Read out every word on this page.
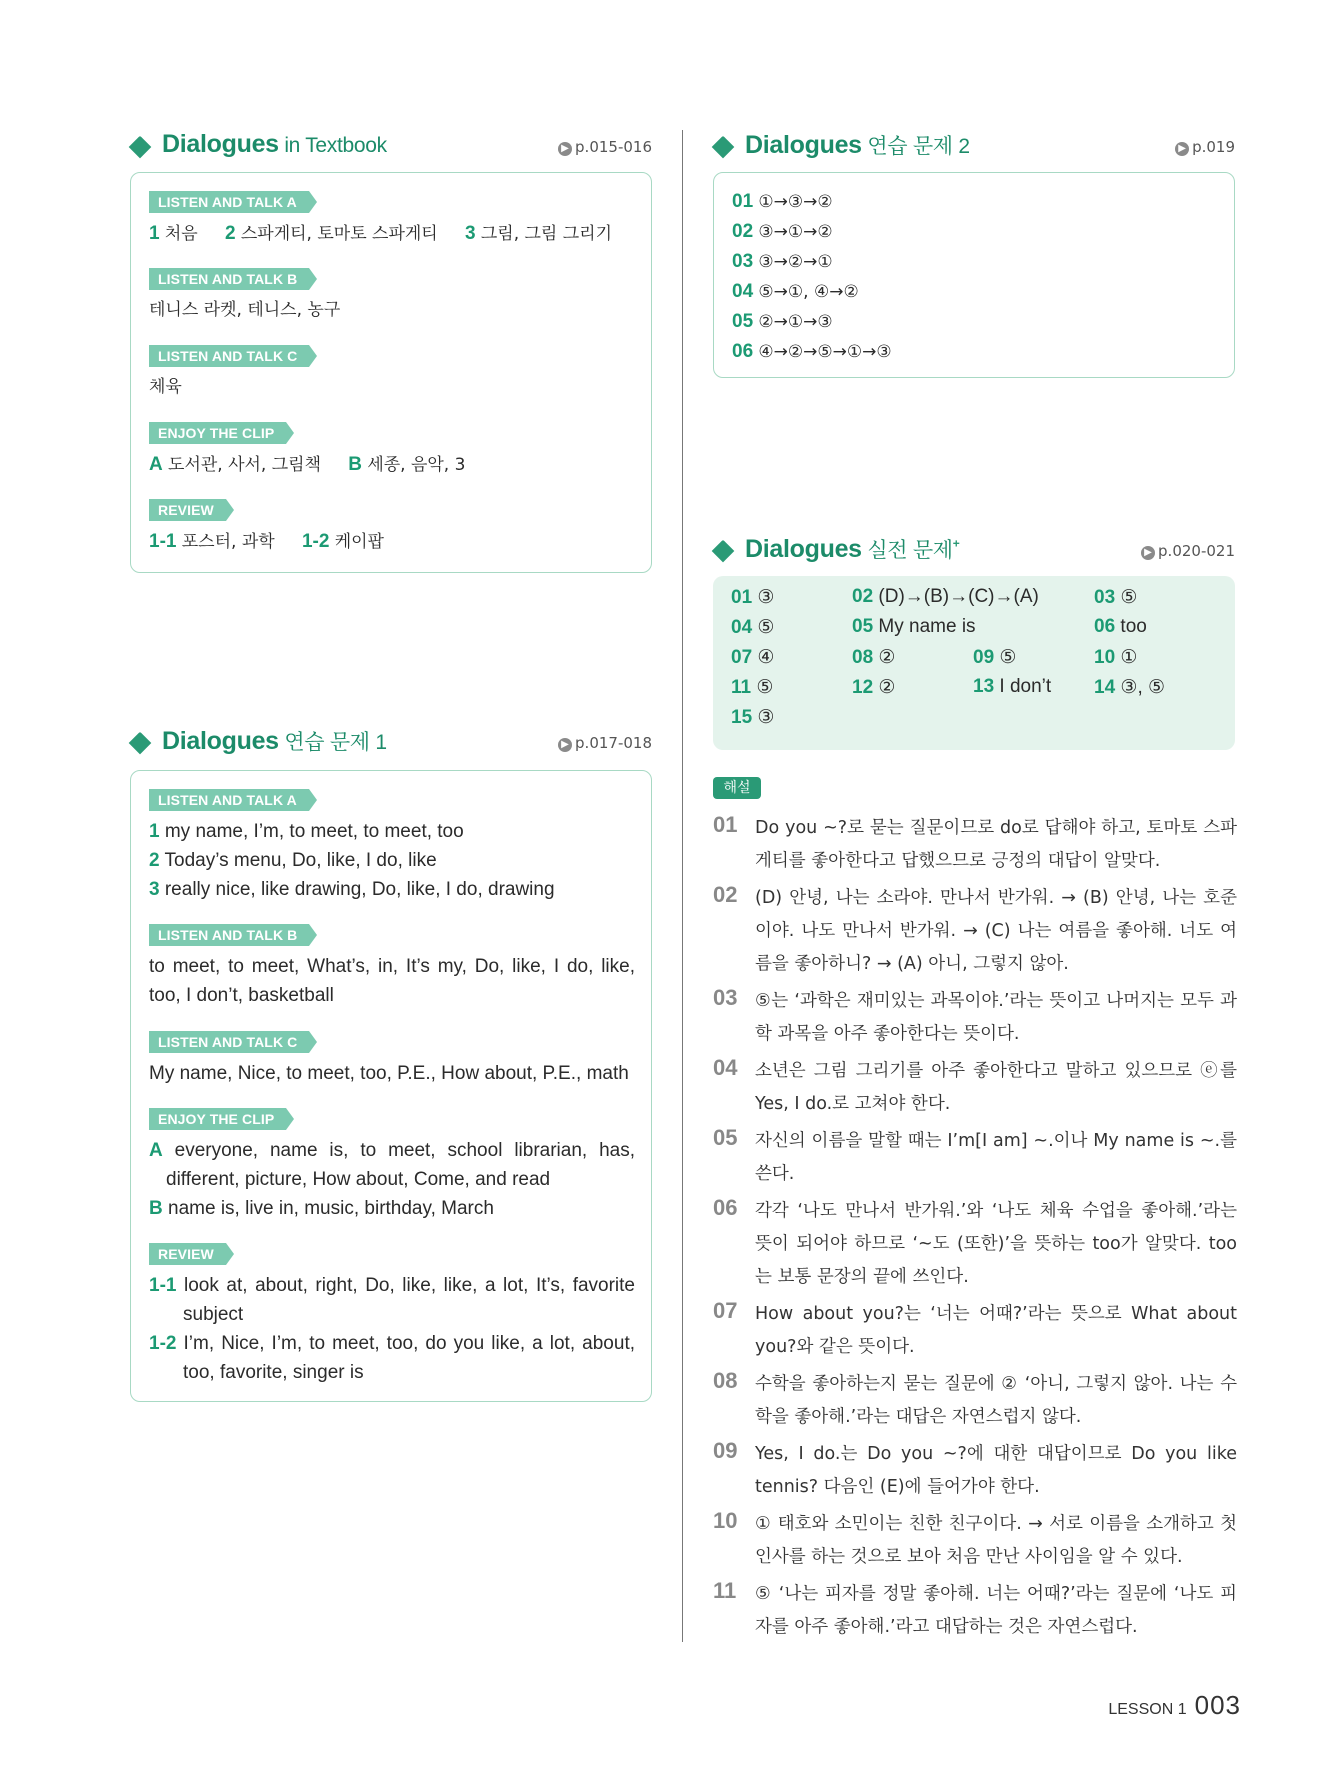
Dialogues in Textbook	▶ p.015-016
LISTEN AND TALK A
1 처음 2 스파게티, 토마토 스파게티 3 그림, 그림 그리기
LISTEN AND TALK B
테니스 라켓, 테니스, 농구
LISTEN AND TALK C
체육
ENJOY THE CLIP
A 도서관, 사서, 그림책 B 세종, 음악, 3
REVIEW
1-1 포스터, 과학 1-2 케이팝
Dialogues 연습 문제 1	▶ p.017-018
LISTEN AND TALK A
1 my name, I’m, to meet, to meet, too
2 Today’s menu, Do, like, I do, like
3 really nice, like drawing, Do, like, I do, drawing
LISTEN AND TALK B
to meet, to meet, What’s, in, It’s my, Do, like, I do, like, too, I don’t, basketball
LISTEN AND TALK C
My name, Nice, to meet, too, P.E., How about, P.E., math
ENJOY THE CLIP
A everyone, name is, to meet, school librarian, has, different, picture, How about, Come, and read
B name is, live in, music, birthday, March
REVIEW
1-1 look at, about, right, Do, like, like, a lot, It’s, favorite subject
1-2 I’m, Nice, I’m, to meet, too, do you like, a lot, about, too, favorite, singer is
Dialogues 연습 문제 2	▶ p.019
01 ①→③→②
02 ③→①→②
03 ③→②→①
04 ⑤→①, ④→②
05 ②→①→③
06 ④→②→⑤→①→③
Dialogues 실전 문제+
▶ p.020-021
01 ③	02 (D)→(B)→(C)→(A)	03 ⑤
04 ⑤	05 My name is	06 too
07 ④	08 ②	09 ⑤	10 ①
11 ⑤	12 ②	13 I don’t 14 ③, ⑤
15 ③
해설
01 Do you ~?로 묻는 질문이므로 do로 답해야 하고, 토마토 스파게티를 좋아한다고 답했으므로 긍정의 대답이 알맞다.
02 (D) 안녕, 나는 소라야. 만나서 반가워. → (B) 안녕, 나는 호준이야. 나도 만나서 반가워. → (C) 나는 여름을 좋아해. 너도 여름을 좋아하니? → (A) 아니, 그렇지 않아.
03 ⑤는 ‘과학은 재미있는 과목이야.’라는 뜻이고 나머지는 모두 과학 과목을 아주 좋아한다는 뜻이다.
04 소년은 그림 그리기를 아주 좋아한다고 말하고 있으므로 ⓔ를 Yes, I do.로 고쳐야 한다.
05 자신의 이름을 말할 때는 I’m[I am] ~.이나 My name is ~.를 쓴다.
06 각각 ‘나도 만나서 반가워.’와 ‘나도 체육 수업을 좋아해.’라는 뜻이 되어야 하므로 ‘~도 (또한)’을 뜻하는 too가 알맞다. too는 보통 문장의 끝에 쓰인다.
07 How about you?는 ‘너는 어때?’라는 뜻으로 What about you?와 같은 뜻이다.
08 수학을 좋아하는지 묻는 질문에 ② ‘아니, 그렇지 않아. 나는 수학을 좋아해.’라는 대답은 자연스럽지 않다.
09 Yes, I do.는 Do you ~?에 대한 대답이므로 Do you like tennis? 다음인 (E)에 들어가야 한다.
10 ① 태호와 소민이는 친한 친구이다. → 서로 이름을 소개하고 첫인사를 하는 것으로 보아 처음 만난 사이임을 알 수 있다.
11 ⑤ ‘나는 피자를 정말 좋아해. 너는 어때?’라는 질문에 ‘나도 피자를 아주 좋아해.’라고 대답하는 것은 자연스럽다.
LESSON 1 003
